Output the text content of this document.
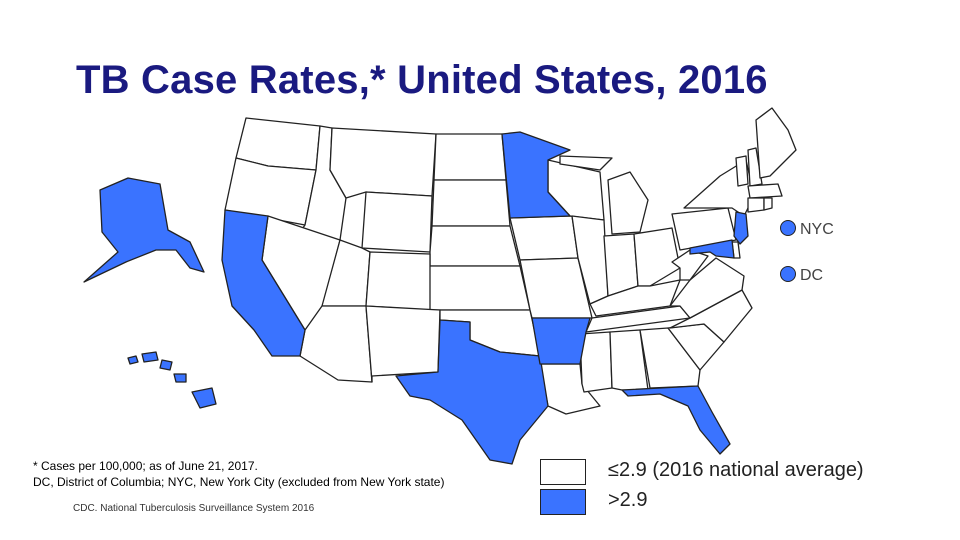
TB Case Rates,* United States, 2016
NYC
DC
* Cases per 100,000; as of June 21, 2017.
DC, District of Columbia; NYC, New York City (excluded from New York state)
CDC. National Tuberculosis Surveillance System 2016
≤2.9 (2016 national average)
>2.9
